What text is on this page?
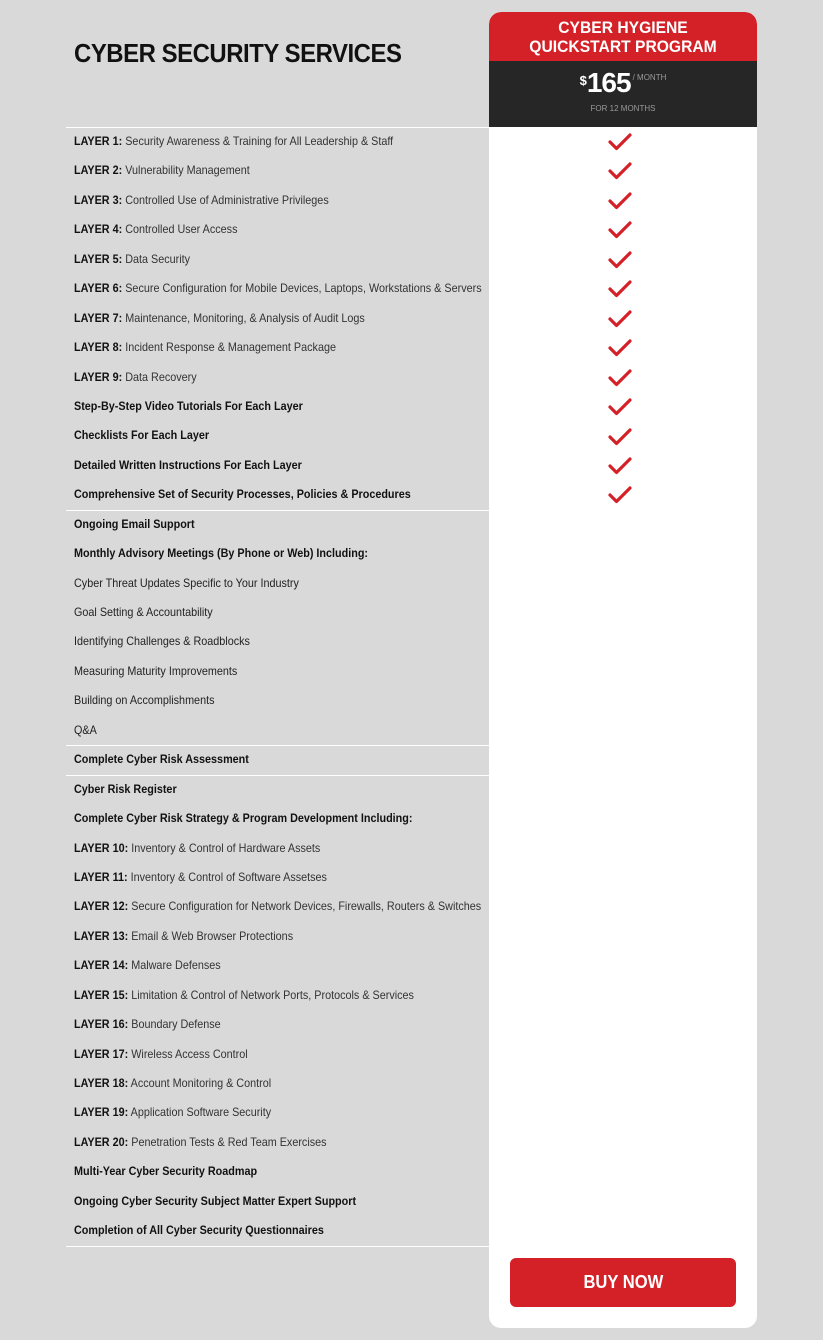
CYBER SECURITY SERVICES
CYBER HYGIENE
QUICKSTART PROGRAM
$165 $^{/ MONTH}$
FOR 12 MONTHS
LAYER 1: Security Awareness & Training for All Leadership & Staff
LAYER 2: Vulnerability Management
LAYER 3: Controlled Use of Administrative Privileges
LAYER 4: Controlled User Access
LAYER 5: Data Security
LAYER 6: Secure Configuration for Mobile Devices, Laptops, Workstations & Servers
LAYER 7: Maintenance, Monitoring, & Analysis of Audit Logs
LAYER 8: Incident Response & Management Package
LAYER 9: Data Recovery
Step-By-Step Video Tutorials For Each Layer
Checklists For Each Layer
Detailed Written Instructions For Each Layer
Comprehensive Set of Security Processes, Policies & Procedures
Ongoing Email Support
Monthly Advisory Meetings (By Phone or Web) Including:
Cyber Threat Updates Specific to Your Industry
Goal Setting & Accountability
Identifying Challenges & Roadblocks
Measuring Maturity Improvements
Building on Accomplishments
Q&A
Complete Cyber Risk Assessment
Cyber Risk Register
Complete Cyber Risk Strategy & Program Development Including:
LAYER 10: Inventory & Control of Hardware Assets
LAYER 11: Inventory & Control of Software Assetses
LAYER 12: Secure Configuration for Network Devices, Firewalls, Routers & Switches
LAYER 13: Email & Web Browser Protections
LAYER 14: Malware Defenses
LAYER 15: Limitation & Control of Network Ports, Protocols & Services
LAYER 16: Boundary Defense
LAYER 17: Wireless Access Control
LAYER 18: Account Monitoring & Control
LAYER 19: Application Software Security
LAYER 20: Penetration Tests & Red Team Exercises
Multi-Year Cyber Security Roadmap
Ongoing Cyber Security Subject Matter Expert Support
Completion of All Cyber Security Questionnaires
BUY NOW
